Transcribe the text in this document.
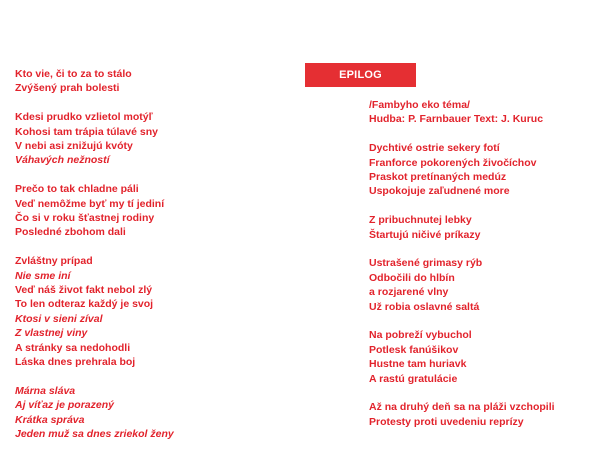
Kto vie, či to za to stálo
Zvýšený prah bolesti
Kdesi prudko vzlietol motýľ
Kohosi tam trápia túlavé sny
V nebi asi znižujú kvóty
Váhavých nežností
Prečo to tak chladne páli
Veď nemôžme byť my tí jediní
Čo si v roku šťastnej rodiny
Posledné zbohom dali
Zvláštny prípad
Nie sme iní
Veď náš život fakt nebol zlý
To len odteraz každý je svoj
Ktosi v sieni zíval
Z vlastnej viny
A stránky sa nedohodli
Láska dnes prehrala boj
Márna sláva
Aj víťaz je porazený
Krátka správa
Jeden muž sa dnes zriekol ženy
EPILOG
/Fambyho eko téma/
Hudba: P. Farnbauer Text: J. Kuruc
Dychtivé ostrie sekery fotí
Franforce pokorených živočíchov
Praskot pretínaných medúz
Uspokojuje zaľudnené more
Z pribuchnutej lebky
Štartujú ničivé príkazy
Ustrašené grimasy rýb
Odbočili do hlbín
a rozjarené vlny
Už robia oslavné saltá
Na pobreží vybuchol
Potlesk fanúšikov
Hustne tam huriavk
A rastú gratulácie
Až na druhý deň sa na pláži vzchopili
Protesty proti uvedeniu reprízy
